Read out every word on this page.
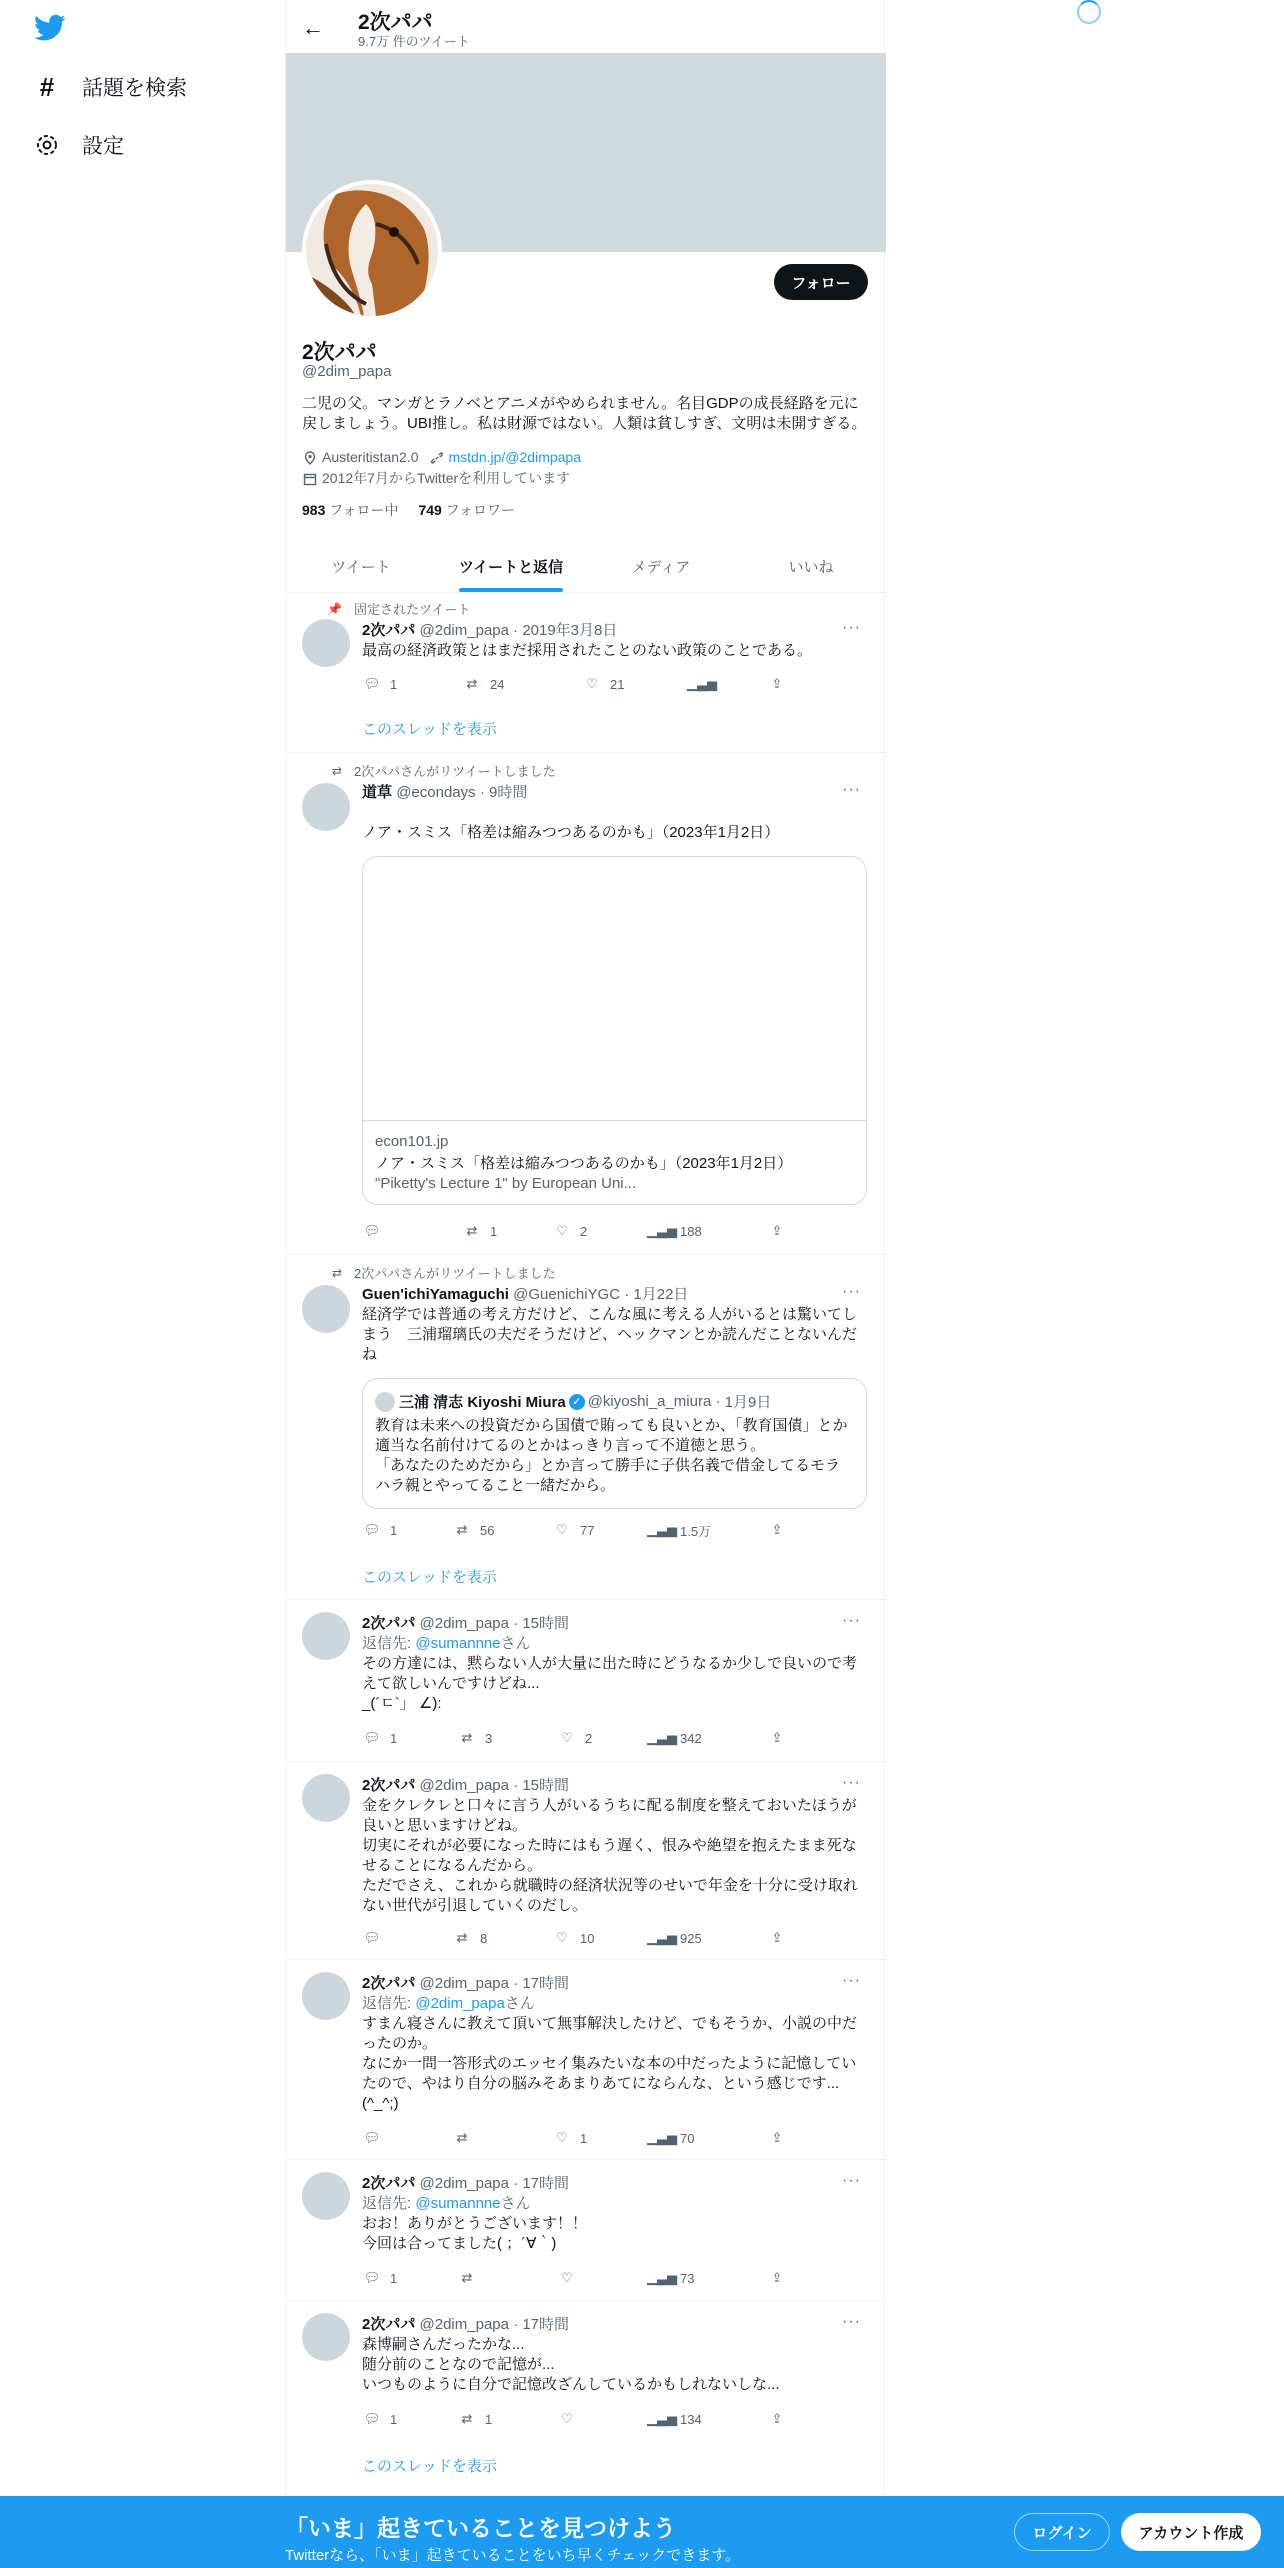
# 話題を検索
設定
← 2次パパ
9.7万 件のツイート
フォロー
2次パパ
@2dim_papa
二児の父。マンガとラノベとアニメがやめられません。名目GDPの成長経路を元に戻しましょう。UBI推し。私は財源ではない。人類は貧しすぎ、文明は未開すぎる。
Austeritistan2.0 mstdn.jp/@2dimpapa
2012年7月からTwitterを利用しています
983 フォロー中 749 フォロワー
ツイート	ツイートと返信	メディア	いいね
📌 固定されたツイート
2次パパ @2dim_papa · 2019年3月8日	···
最高の経済政策とはまだ採用されたことのない政策のことである。
💬︎ 1	⇄ 24	♡ 21	▁▃▅	⇪
このスレッドを表示
⇄ 2次パパさんがリツイートしました
道草 @econdays · 9時間	···

ノア・スミス「格差は縮みつつあるのかも」（2023年1月2日）

econ101.jp
ノア・スミス「格差は縮みつつあるのかも」（2023年1月2日）
"Piketty's Lecture 1" by European Uni...
💬︎	⇄ 1	♡ 2	▁▃▅ 188	⇪
⇄ 2次パパさんがリツイートしました
Guen'ichiYamaguchi @GuenichiYGC · 1月22日	···
経済学では普通の考え方だけど、こんな風に考える人がいるとは驚いてしまう　三浦瑠璃氏の夫だそうだけど、ヘックマンとか読んだことないんだね
三浦 清志 Kiyoshi Miura ✓ @kiyoshi_a_miura · 1月9日
教育は未来への投資だから国債で賄っても良いとか、「教育国債」とか適当な名前付けてるのとかはっきり言って不道徳と思う。
「あなたのためだから」とか言って勝手に子供名義で借金してるモラハラ親とやってること一緒だから。
💬︎ 1	⇄ 56	♡ 77	▁▃▅ 1.5万	⇪
このスレッドを表示
2次パパ @2dim_papa · 15時間	···
返信先: @sumannneさん
その方達には、黙らない人が大量に出た時にどうなるか少しで良いので考えて欲しいんですけどね...
_(´ㄷ`」 ∠):
💬︎ 1	⇄ 3	♡ 2	▁▃▅ 342	⇪
2次パパ @2dim_papa · 15時間	···
金をクレクレと口々に言う人がいるうちに配る制度を整えておいたほうが良いと思いますけどね。
切実にそれが必要になった時にはもう遅く、恨みや絶望を抱えたまま死なせることになるんだから。
ただでさえ、これから就職時の経済状況等のせいで年金を十分に受け取れない世代が引退していくのだし。
💬︎	⇄ 8	♡ 10	▁▃▅ 925	⇪
2次パパ @2dim_papa · 17時間	···
返信先: @2dim_papaさん
すまん寝さんに教えて頂いて無事解決したけど、でもそうか、小説の中だったのか。
なにか一問一答形式のエッセイ集みたいな本の中だったように記憶していたので、やはり自分の脳みそあまりあてにならんな、という感じです...
(^_^;)
💬︎	⇄	♡ 1	▁▃▅ 70	⇪
2次パパ @2dim_papa · 17時間	···
返信先: @sumannneさん
おお！ありがとうございます！！
今回は合ってました( ；´∀｀)
💬︎ 1	⇄	♡	▁▃▅ 73	⇪
2次パパ @2dim_papa · 17時間	···
森博嗣さんだったかな...
随分前のことなので記憶が...
いつものように自分で記憶改ざんしているかもしれないしな...
💬︎ 1	⇄ 1	♡	▁▃▅ 134	⇪
このスレッドを表示
「いま」起きていることを見つけよう
Twitterなら、「いま」起きていることをいち早くチェックできます。
ログイン	アカウント作成
